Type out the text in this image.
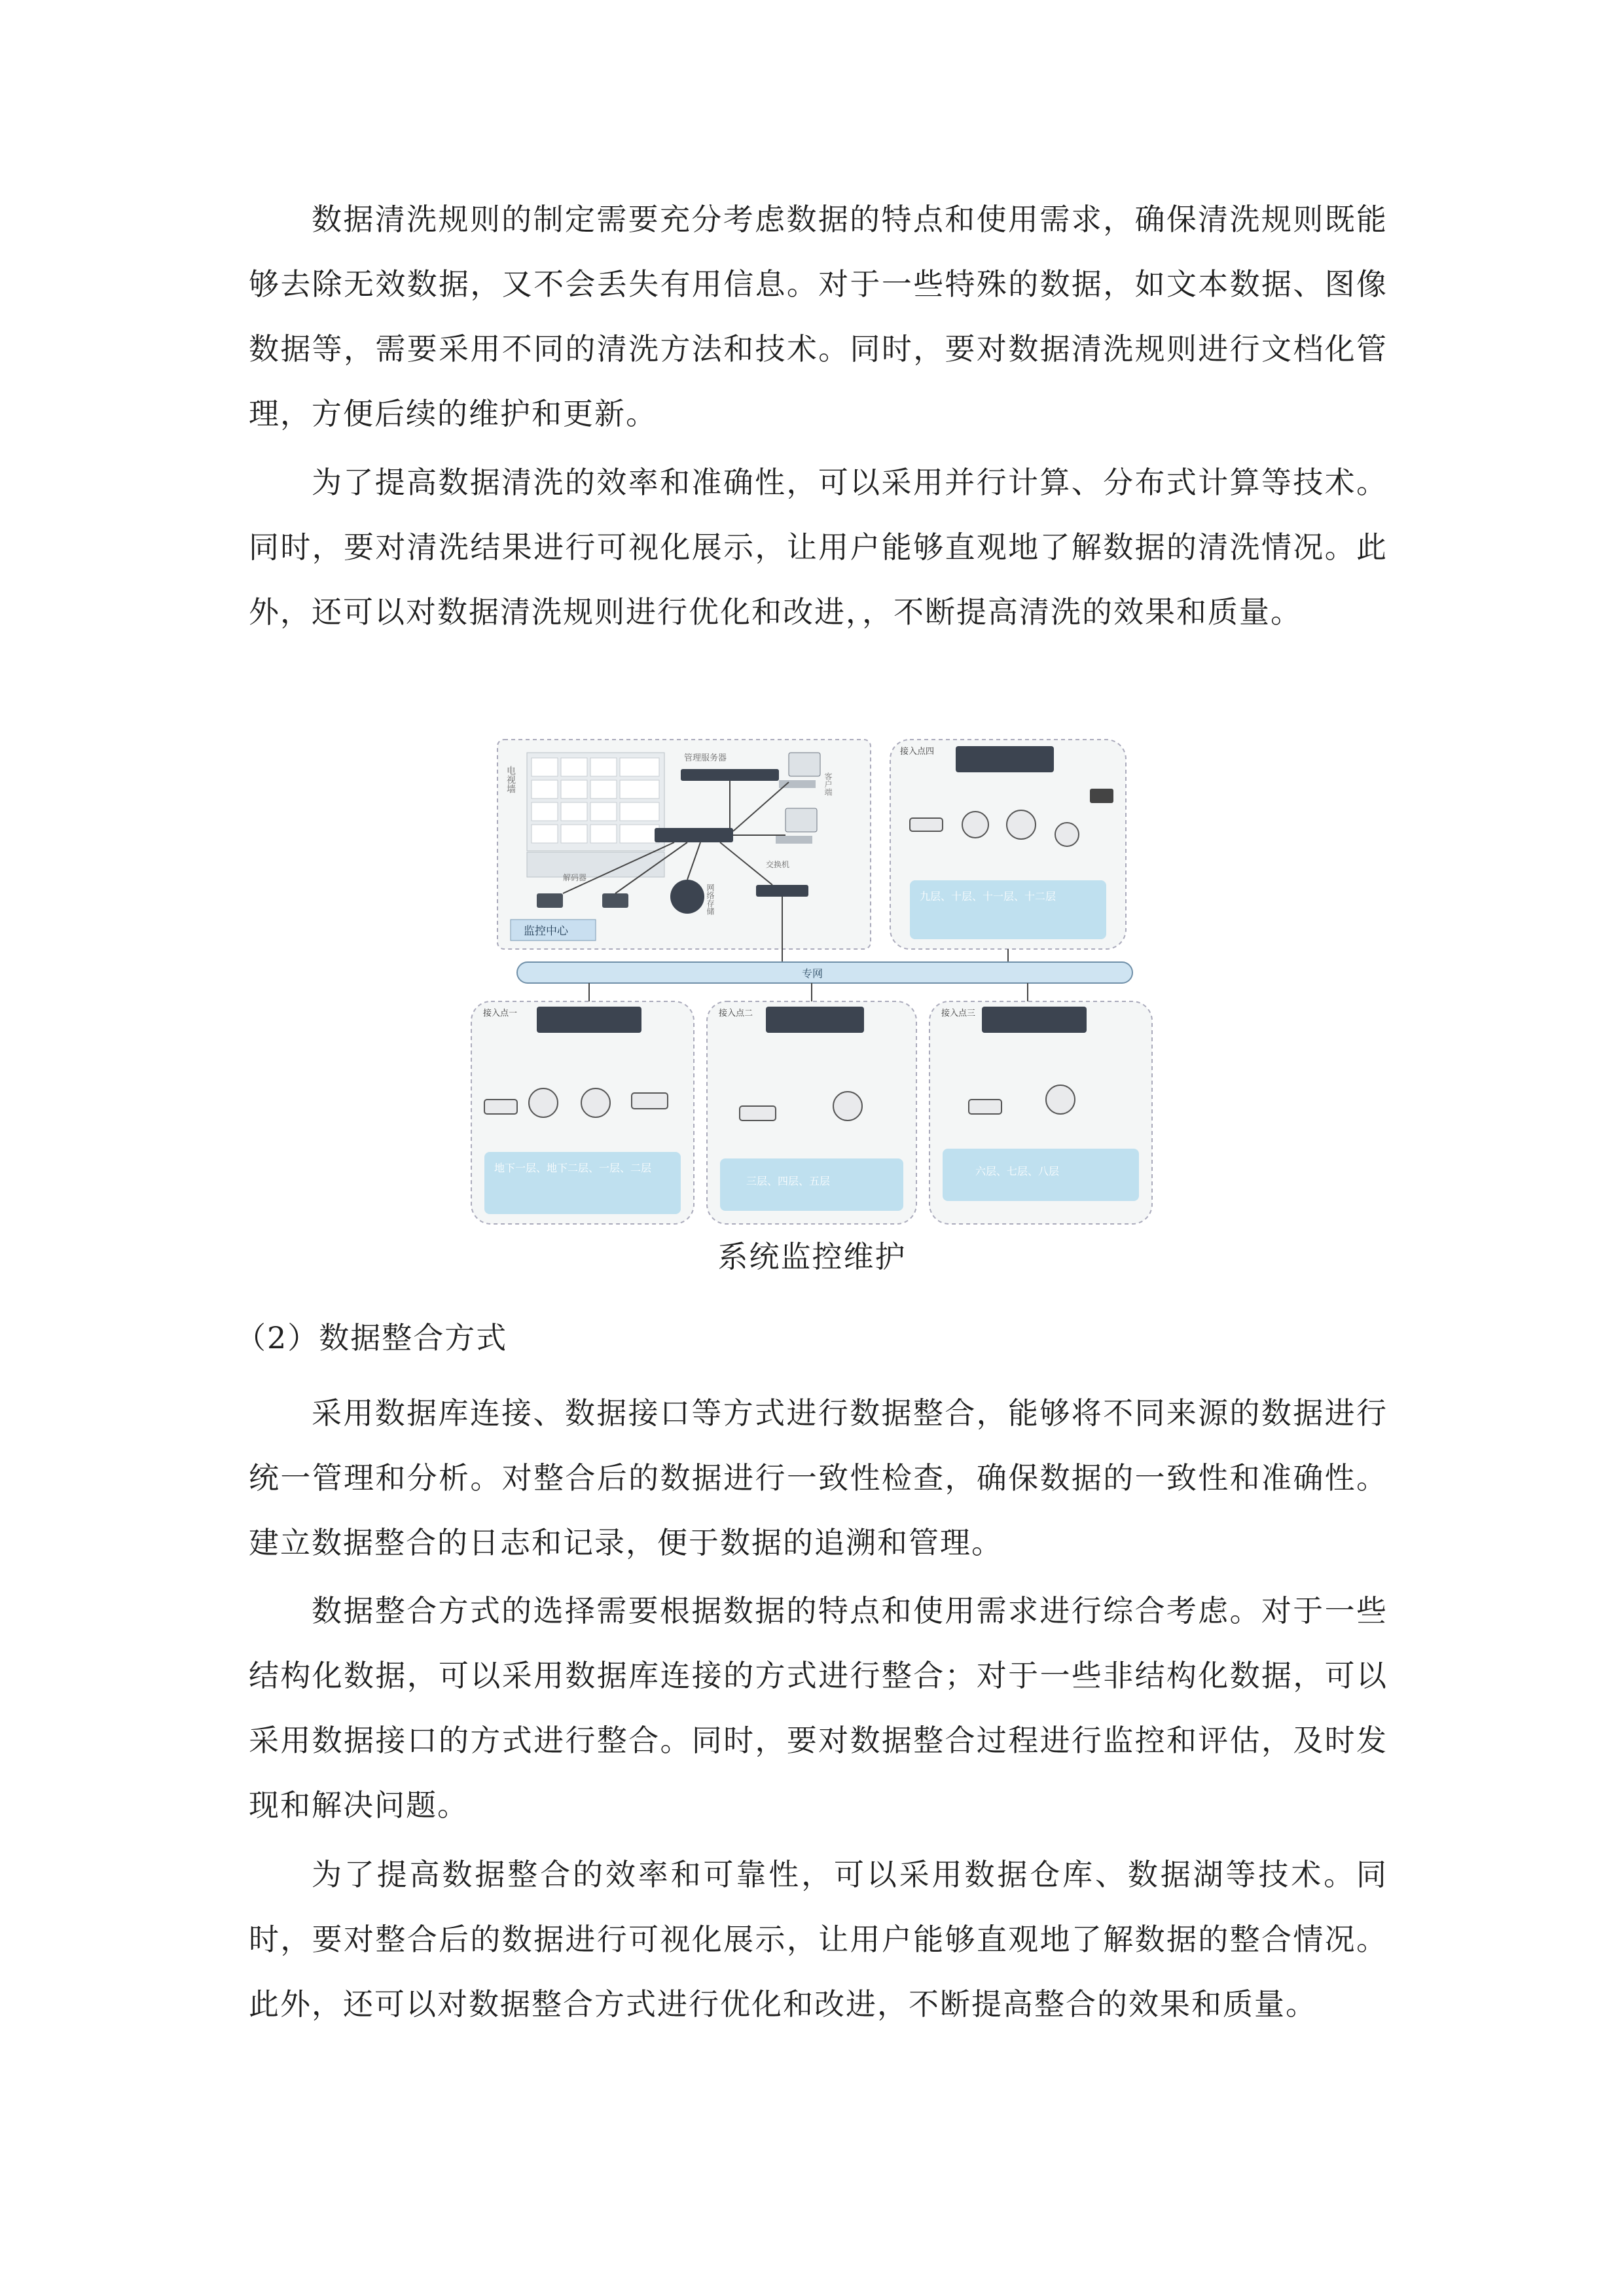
数据清洗规则的制定需要充分考虑数据的特点和使用需求，确保清洗规则既能够去除无效数据，又不会丢失有用信息。对于一些特殊的数据，如文本数据、图像数据等，需要采用不同的清洗方法和技术。同时，要对数据清洗规则进行文档化管理，方便后续的维护和更新。

为了提高数据清洗的效率和准确性，可以采用并行计算、分布式计算等技术。同时，要对清洗结果进行可视化展示，让用户能够直观地了解数据的清洗情况。此外，还可以对数据清洗规则进行优化和改进，，不断提高清洗的效果和质量。

电视墙
管理服务器
客户端
解码器
网络存储
交换机
监控中心
接入点四
九层、十层、十一层、十二层
专网
接入点一
地下一层、地下二层、一层、二层
接入点二
三层、四层、五层
接入点三
六层、七层、八层

系统监控维护

（2）数据整合方式

采用数据库连接、数据接口等方式进行数据整合，能够将不同来源的数据进行统一管理和分析。对整合后的数据进行一致性检查，确保数据的一致性和准确性。建立数据整合的日志和记录，便于数据的追溯和管理。

数据整合方式的选择需要根据数据的特点和使用需求进行综合考虑。对于一些结构化数据，可以采用数据库连接的方式进行整合；对于一些非结构化数据，可以采用数据接口的方式进行整合。同时，要对数据整合过程进行监控和评估，及时发现和解决问题。

为了提高数据整合的效率和可靠性，可以采用数据仓库、数据湖等技术。同时，要对整合后的数据进行可视化展示，让用户能够直观地了解数据的整合情况。此外，还可以对数据整合方式进行优化和改进，不断提高整合的效果和质量。
